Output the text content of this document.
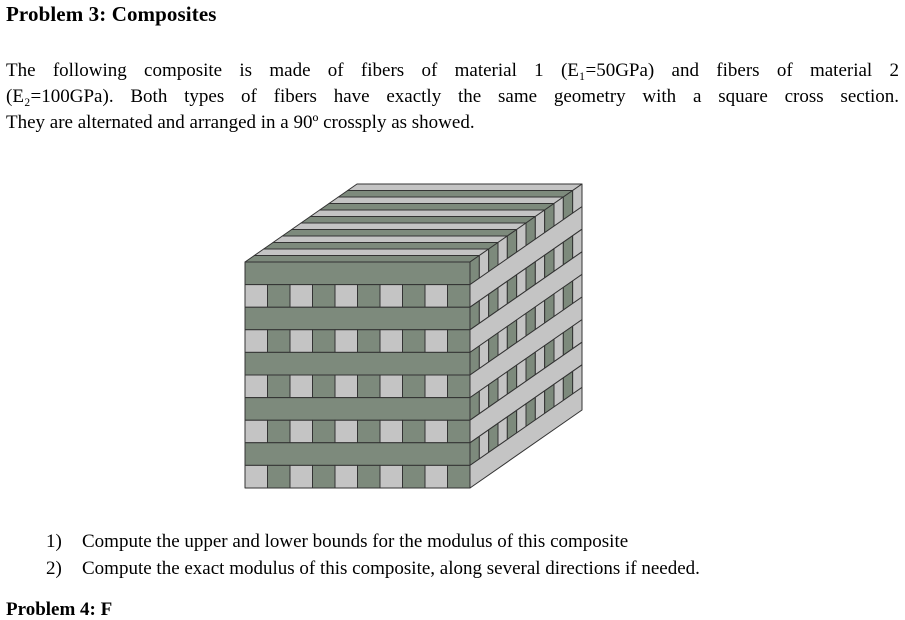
Problem 3: Composites
The following composite is made of fibers of material 1 (E₁=50GPa) and fibers of material 2
(E₂=100GPa). Both types of fibers have exactly the same geometry with a square cross section.
They are alternated and arranged in a 90º crossply as showed.
1)	Compute the upper and lower bounds for the modulus of this composite
2)	Compute the exact modulus of this composite, along several directions if needed.
Problem 4: F
